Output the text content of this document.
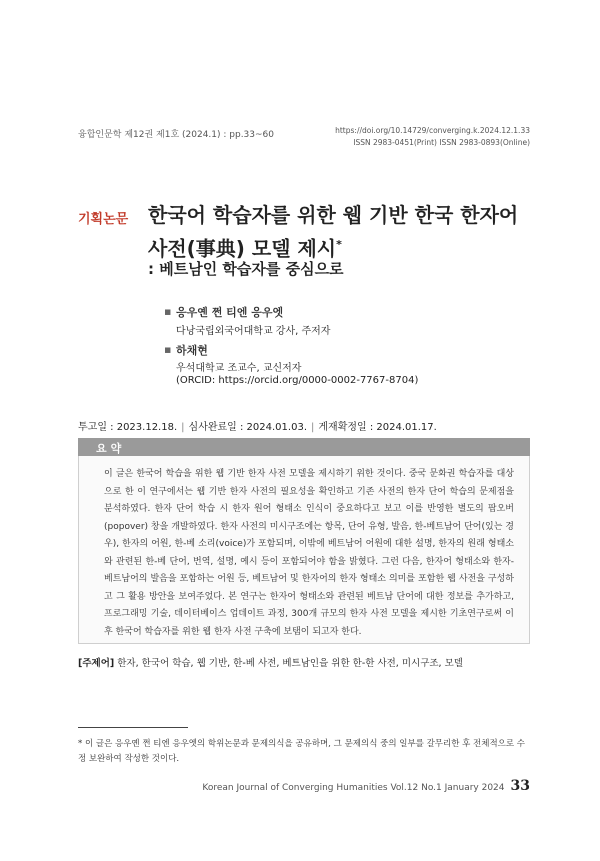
융합인문학 제12권 제1호 (2024.1) : pp.33~60	https://doi.org/10.14729/converging.k.2024.12.1.33
ISSN 2983-0451(Print) ISSN 2983-0893(Online)
기획논문 한국어 학습자를 위한 웹 기반 한국 한자어
사전(事典) 모델 제시*
: 베트남인 학습자를 중심으로
▪ 응우옌 쩐 티엔 응우엣
다낭국립외국어대학교 강사, 주저자
▪ 하채현
우석대학교 조교수, 교신저자
(ORCID: https://orcid.org/0000-0002-7767-8704)
투고일 : 2023.12.18. | 심사완료일 : 2024.01.03. | 게재확정일 : 2024.01.17.
요약
이 글은 한국어 학습을 위한 웹 기반 한자 사전 모델을 제시하기 위한 것이다. 중국 문화권 학습자를 대상으로 한 이 연구에서는 웹 기반 한자 사전의 필요성을 확인하고 기존 사전의 한자 단어 학습의 문제점을 분석하였다. 한자 단어 학습 시 한자 원어 형태소 인식이 중요하다고 보고 이를 반영한 별도의 팝오버(popover) 창을 개발하였다. 한자 사전의 미시구조에는 항목, 단어 유형, 발음, 한-베트남어 단어(있는 경우), 한자의 어원, 한-베 소리(voice)가 포함되며, 이밖에 베트남어 어원에 대한 설명, 한자의 원래 형태소와 관련된 한-베 단어, 번역, 설명, 예시 등이 포함되어야 함을 밝혔다. 그런 다음, 한자어 형태소와 한자-베트남어의 발음을 포함하는 어원 등, 베트남어 및 한자어의 한자 형태소 의미를 포함한 웹 사전을 구성하고 그 활용 방안을 보여주었다. 본 연구는 한자어 형태소와 관련된 베트남 단어에 대한 정보를 추가하고, 프로그래밍 기술, 데이터베이스 업데이트 과정, 300개 규모의 한자 사전 모델을 제시한 기초연구로써 이후 한국어 학습자를 위한 웹 한자 사전 구축에 보탬이 되고자 한다.
[주제어] 한자, 한국어 학습, 웹 기반, 한-베 사전, 베트남인을 위한 한-한 사전, 미시구조, 모델
* 이 글은 응우옌 쩐 티엔 응우엣의 학위논문과 문제의식을 공유하며, 그 문제의식 중의 일부를 갈무리한 후 전체적으로 수정 보완하여 작성한 것이다.
Korean Journal of Converging Humanities Vol.12 No.1 January 2024 33
